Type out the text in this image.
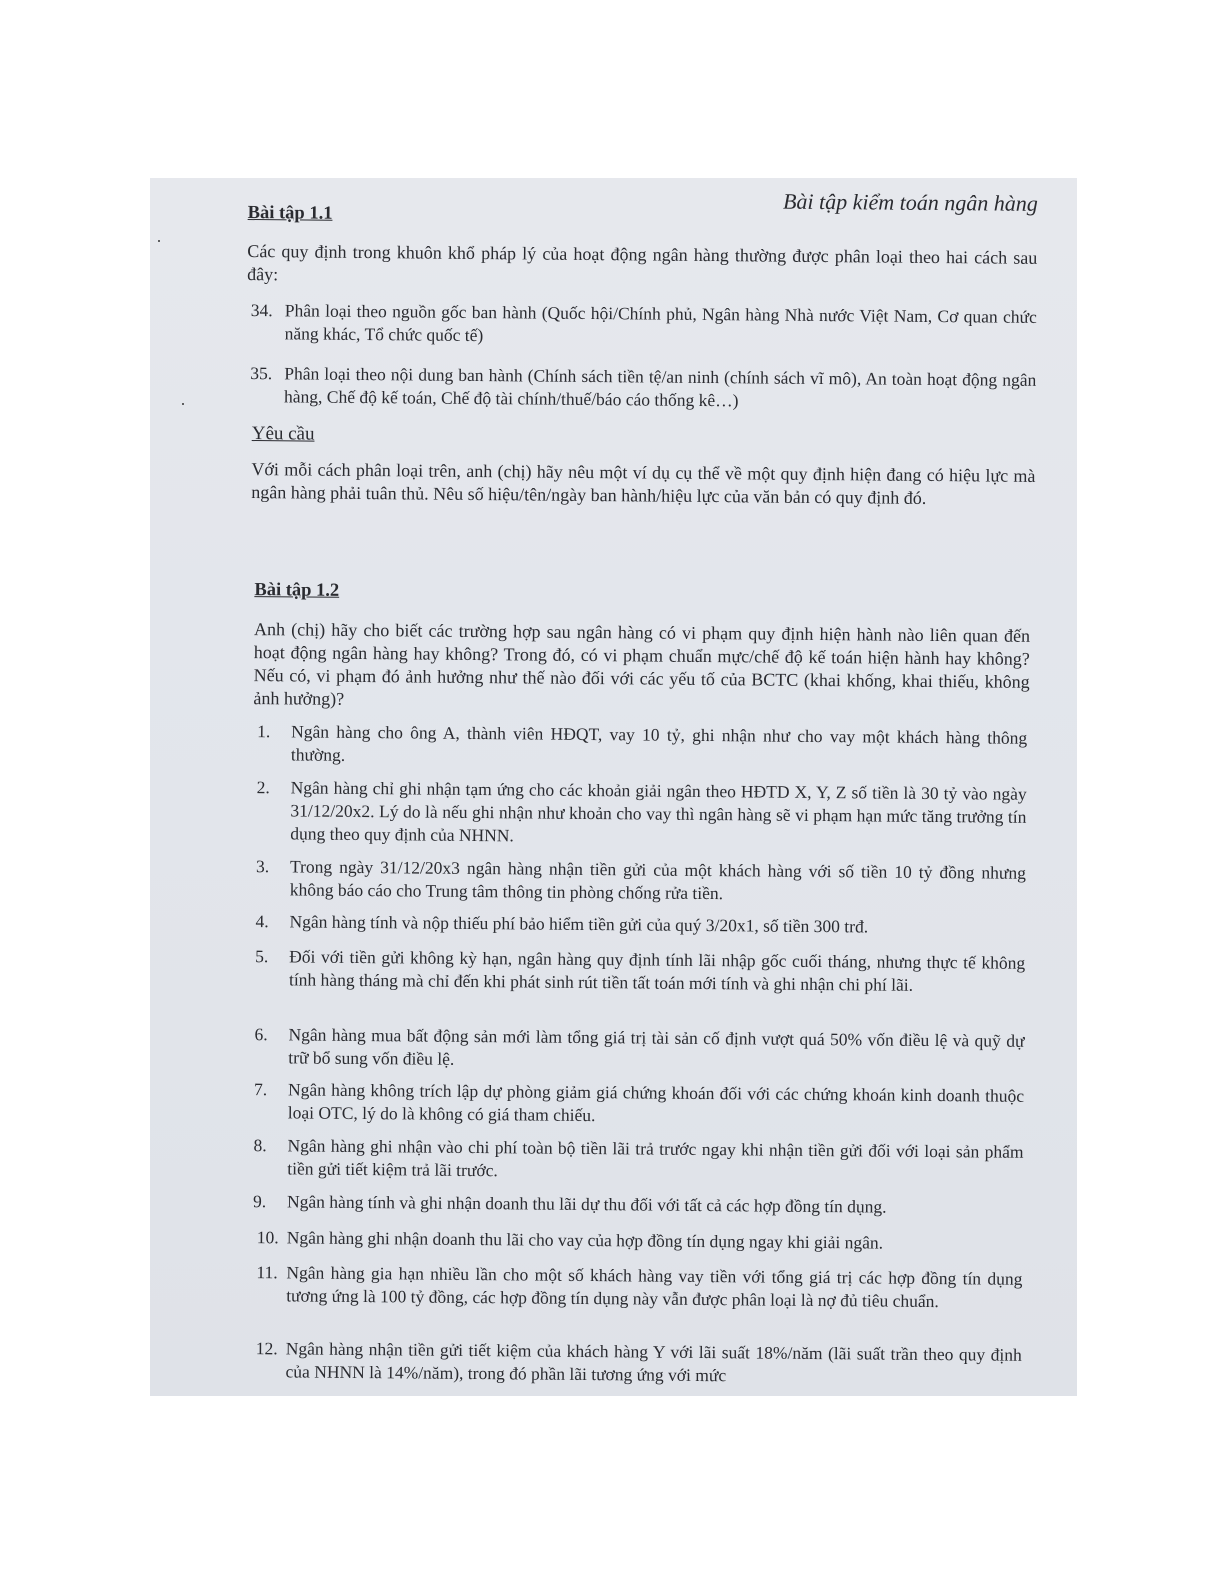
Bài tập kiểm toán ngân hàng
Bài tập 1.1
Các quy định trong khuôn khổ pháp lý của hoạt động ngân hàng thường được phân loại theo hai cách sau đây:
34. Phân loại theo nguồn gốc ban hành (Quốc hội/Chính phủ, Ngân hàng Nhà nước Việt Nam, Cơ quan chức năng khác, Tổ chức quốc tế)
35. Phân loại theo nội dung ban hành (Chính sách tiền tệ/an ninh (chính sách vĩ mô), An toàn hoạt động ngân hàng, Chế độ kế toán, Chế độ tài chính/thuế/báo cáo thống kê…)
Yêu cầu
Với mỗi cách phân loại trên, anh (chị) hãy nêu một ví dụ cụ thể về một quy định hiện đang có hiệu lực mà ngân hàng phải tuân thủ. Nêu số hiệu/tên/ngày ban hành/hiệu lực của văn bản có quy định đó.
Bài tập 1.2
Anh (chị) hãy cho biết các trường hợp sau ngân hàng có vi phạm quy định hiện hành nào liên quan đến hoạt động ngân hàng hay không? Trong đó, có vi phạm chuẩn mực/chế độ kế toán hiện hành hay không? Nếu có, vi phạm đó ảnh hưởng như thế nào đối với các yếu tố của BCTC (khai khống, khai thiếu, không ảnh hưởng)?
1.	Ngân hàng cho ông A, thành viên HĐQT, vay 10 tỷ, ghi nhận như cho vay một khách hàng thông thường.
2.	Ngân hàng chỉ ghi nhận tạm ứng cho các khoản giải ngân theo HĐTD X, Y, Z số tiền là 30 tỷ vào ngày 31/12/20x2. Lý do là nếu ghi nhận như khoản cho vay thì ngân hàng sẽ vi phạm hạn mức tăng trưởng tín dụng theo quy định của NHNN.
3.	Trong ngày 31/12/20x3 ngân hàng nhận tiền gửi của một khách hàng với số tiền 10 tỷ đồng nhưng không báo cáo cho Trung tâm thông tin phòng chống rửa tiền.
4.	Ngân hàng tính và nộp thiếu phí bảo hiểm tiền gửi của quý 3/20x1, số tiền 300 trđ.
5.	Đối với tiền gửi không kỳ hạn, ngân hàng quy định tính lãi nhập gốc cuối tháng, nhưng thực tế không tính hàng tháng mà chỉ đến khi phát sinh rút tiền tất toán mới tính và ghi nhận chi phí lãi.
6.	Ngân hàng mua bất động sản mới làm tổng giá trị tài sản cố định vượt quá 50% vốn điều lệ và quỹ dự trữ bổ sung vốn điều lệ.
7.	Ngân hàng không trích lập dự phòng giảm giá chứng khoán đối với các chứng khoán kinh doanh thuộc loại OTC, lý do là không có giá tham chiếu.
8.	Ngân hàng ghi nhận vào chi phí toàn bộ tiền lãi trả trước ngay khi nhận tiền gửi đối với loại sản phẩm tiền gửi tiết kiệm trả lãi trước.
9.	Ngân hàng tính và ghi nhận doanh thu lãi dự thu đối với tất cả các hợp đồng tín dụng.
10. Ngân hàng ghi nhận doanh thu lãi cho vay của hợp đồng tín dụng ngay khi giải ngân.
11. Ngân hàng gia hạn nhiều lần cho một số khách hàng vay tiền với tổng giá trị các hợp đồng tín dụng tương ứng là 100 tỷ đồng, các hợp đồng tín dụng này vẫn được phân loại là nợ đủ tiêu chuẩn.
12. Ngân hàng nhận tiền gửi tiết kiệm của khách hàng Y với lãi suất 18%/năm (lãi suất trần theo quy định của NHNN là 14%/năm), trong đó phần lãi tương ứng với mức
